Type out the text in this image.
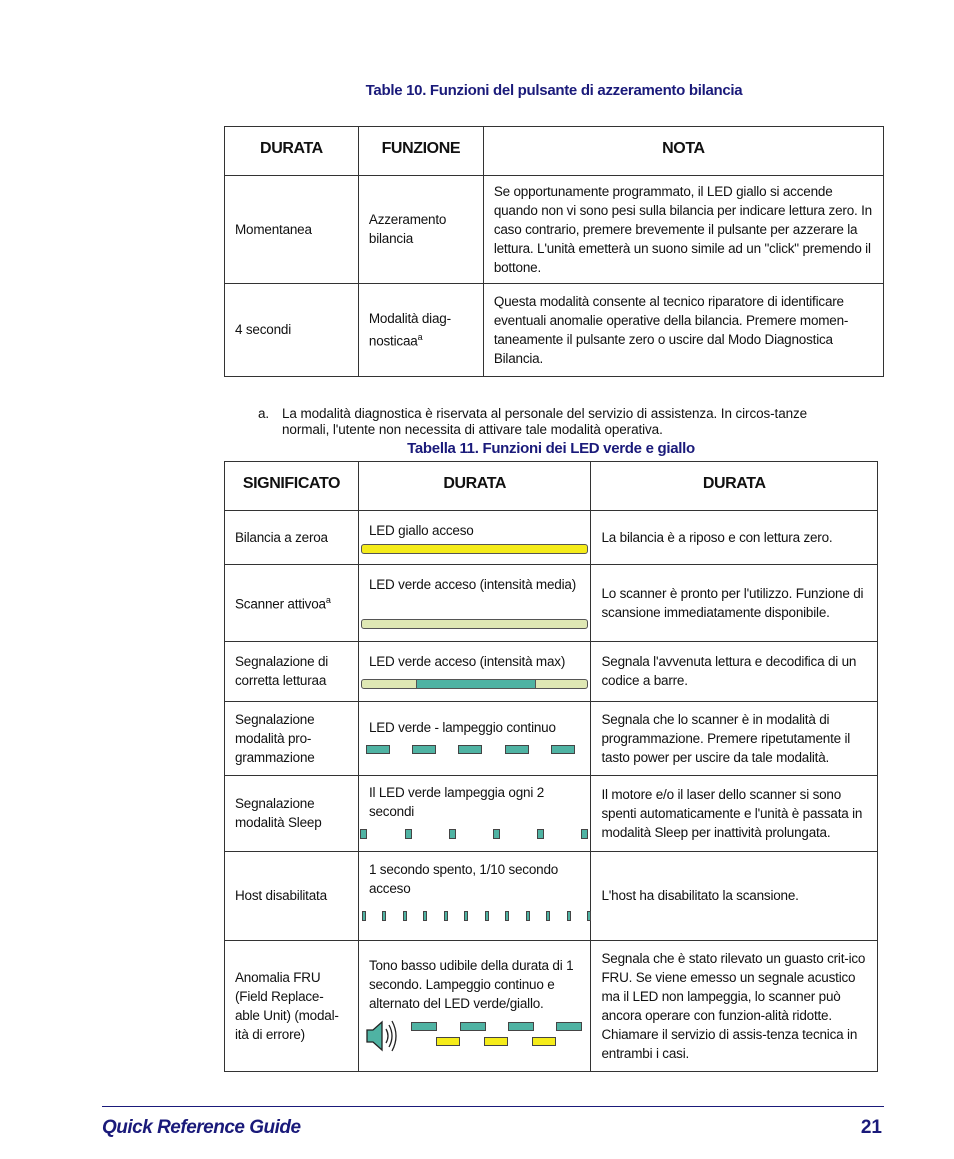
Table 10. Funzioni del pulsante di azzeramento bilancia
DURATA	FUNZIONE	NOTA

Momentanea	Azzeramento bilancia	Se opportunamente programmato, il LED giallo si accende quando non vi sono pesi sulla bilancia per indicare lettura zero. In caso contrario, premere brevemente il pulsante per azzerare la lettura. L'unità emetterà un suono simile ad un "click" premendo il bottone.
4 secondi	Modalità diag-nosticaa$^a$	Questa modalità consente al tecnico riparatore di identificare eventuali anomalie operative della bilancia. Premere momen-taneamente il pulsante zero o uscire dal Modo Diagnostica Bilancia.
a. La modalità diagnostica è riservata al personale del servizio di assistenza. In circos-tanze normali, l'utente non necessita di attivare tale modalità operativa.
Tabella 11. Funzioni dei LED verde e giallo
SIGNIFICATO	DURATA	DURATA

Bilancia a zeroa	LED giallo acceso	La bilancia è a riposo e con lettura zero.
Scanner attivoa$^a$	LED verde acceso (intensità media)	Lo scanner è pronto per l'utilizzo. Funzione di scansione immediatamente disponibile.
Segnalazione di corretta letturaa	LED verde acceso (intensità max)	Segnala l'avvenuta lettura e decodifica di un codice a barre.
Segnalazione modalità pro-grammazione	LED verde - lampeggio continuo	Segnala che lo scanner è in modalità di programmazione. Premere ripetutamente il tasto power per uscire da tale modalità.
Segnalazione modalità Sleep	Il LED verde lampeggia ogni 2 secondi	Il motore e/o il laser dello scanner si sono spenti automaticamente e l'unità è passata in modalità Sleep per inattività prolungata.
Host disabilitata	1 secondo spento, 1/10 secondo acceso	L'host ha disabilitato la scansione.
Anomalia FRU (Field Replace-able Unit) (modal-ità di errore)	Tono basso udibile della durata di 1 secondo. Lampeggio continuo e alternato del LED verde/giallo.	Segnala che è stato rilevato un guasto crit-ico FRU. Se viene emesso un segnale acustico ma il LED non lampeggia, lo scanner può ancora operare con funzion-alità ridotte. Chiamare il servizio di assis-tenza tecnica in entrambi i casi.
Quick Reference Guide	21
